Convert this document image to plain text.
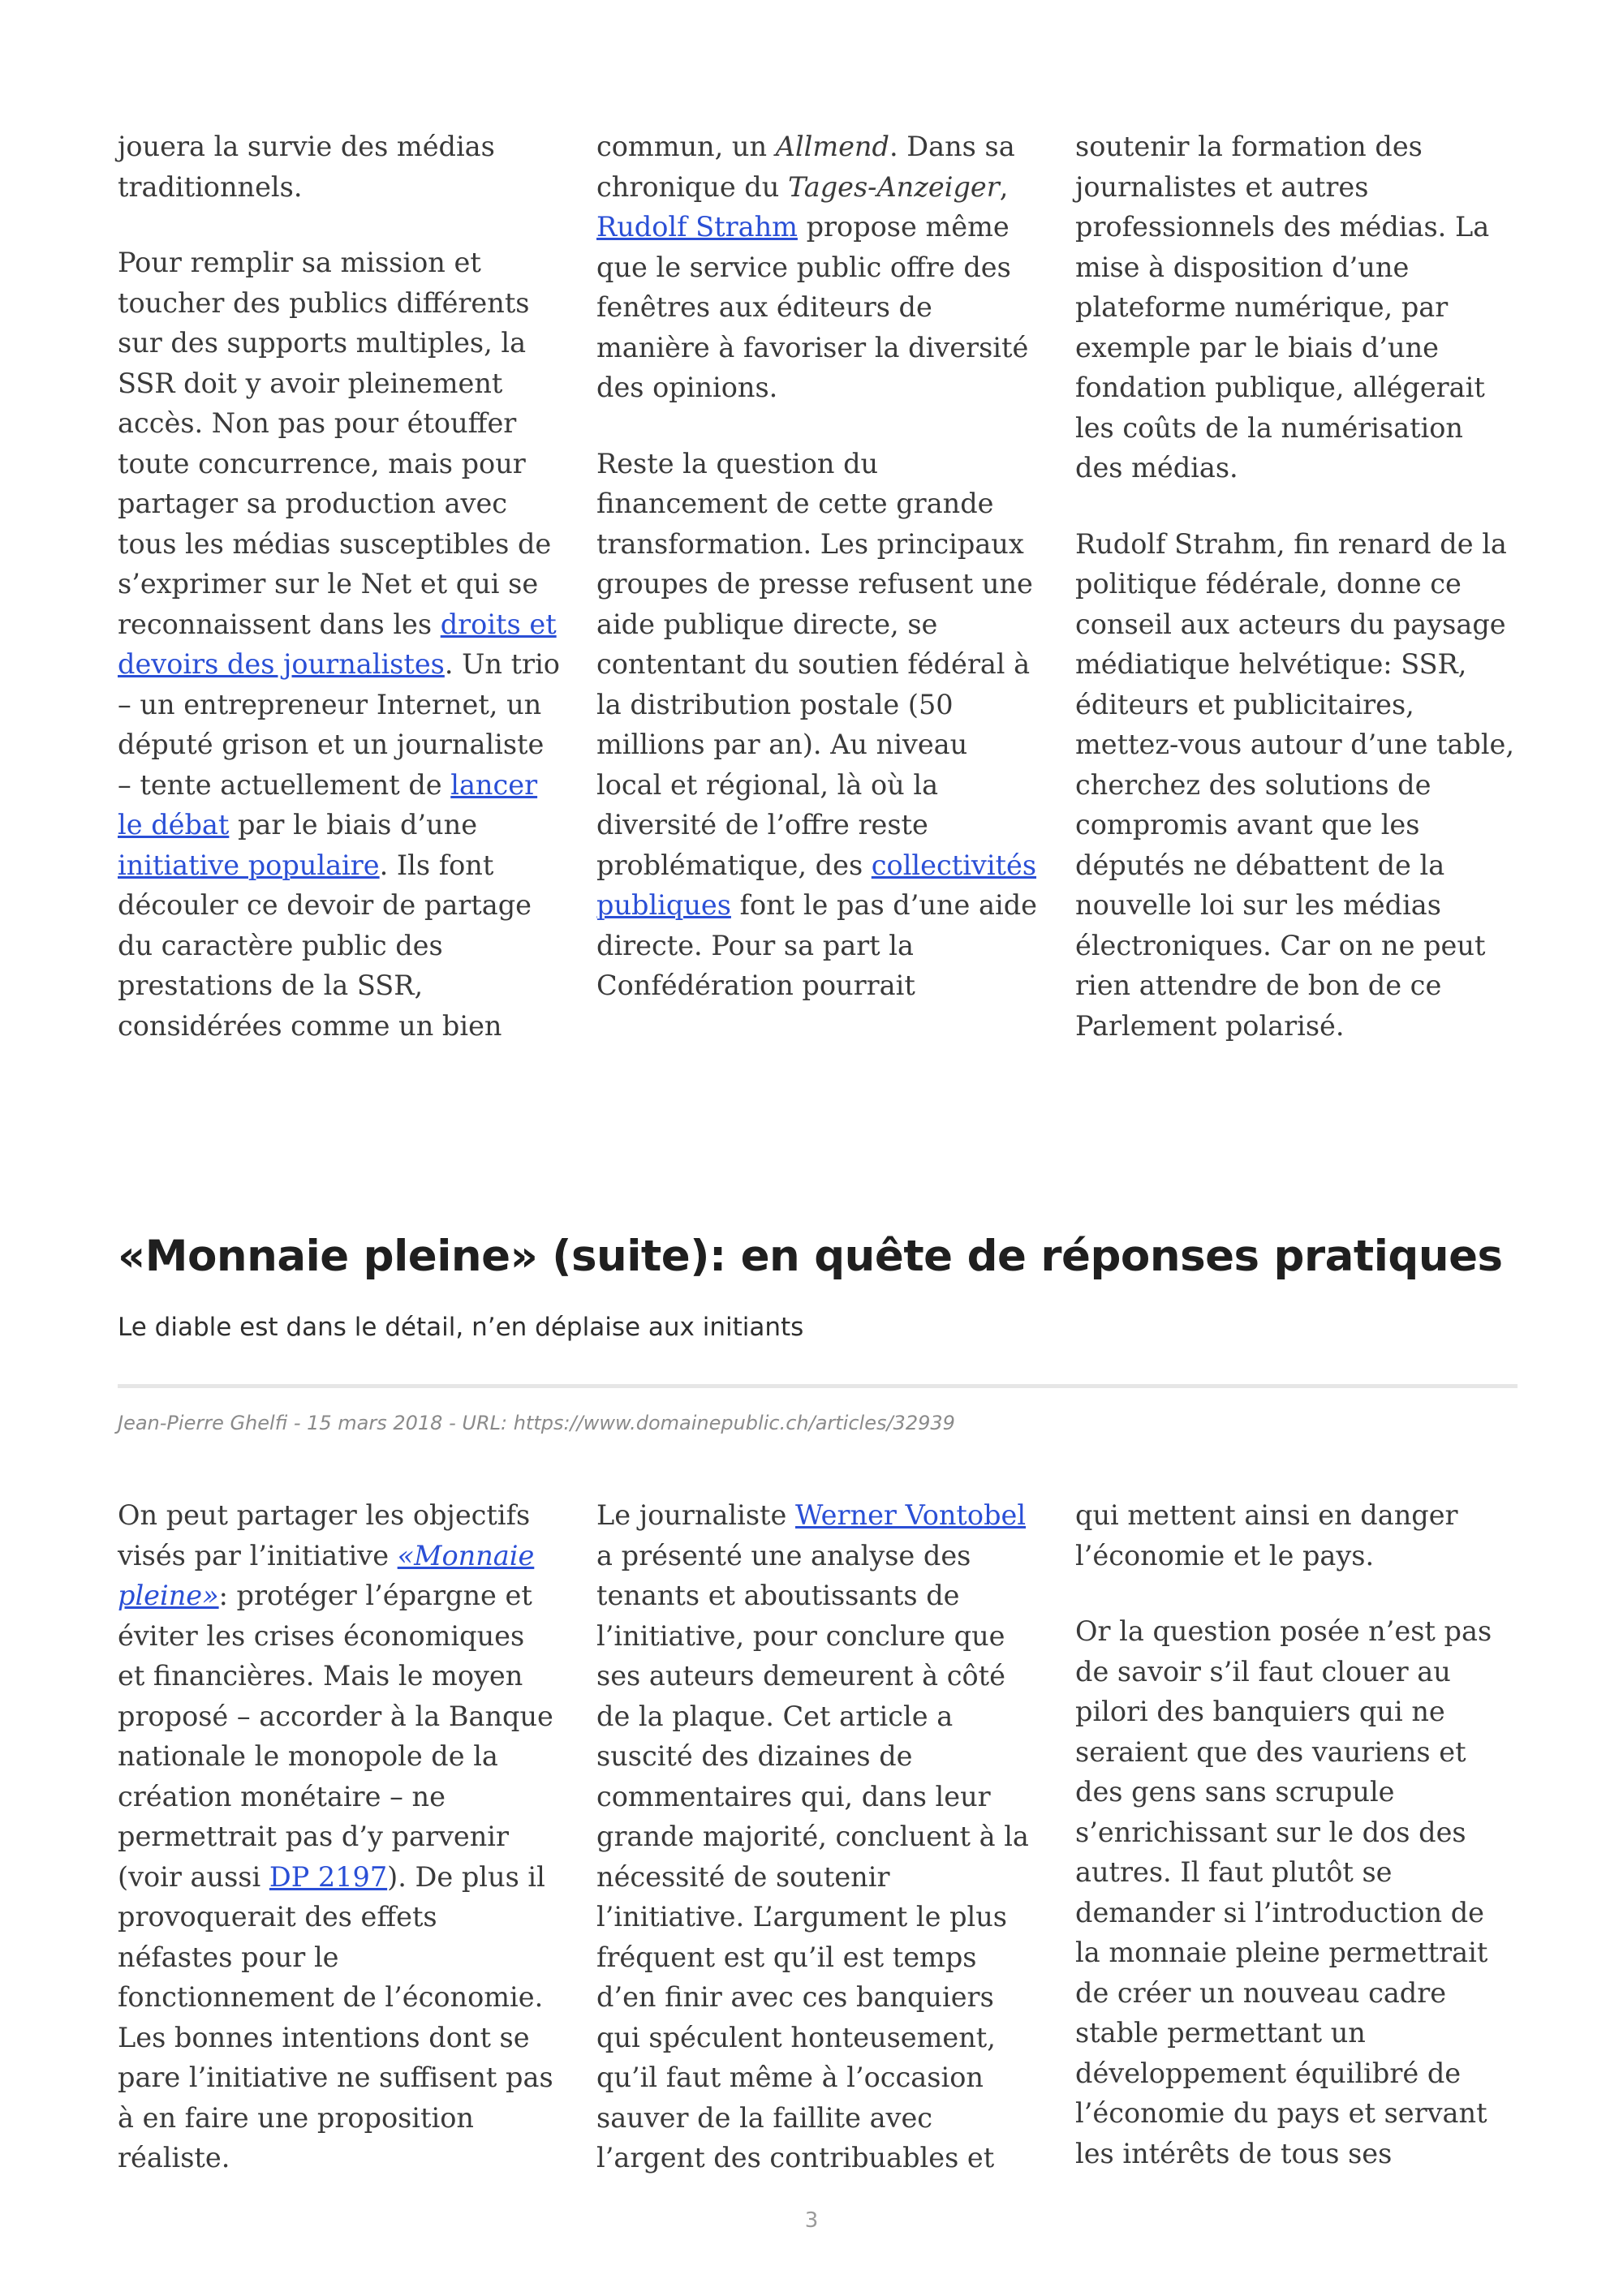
jouera la survie des médias traditionnels.

Pour remplir sa mission et toucher des publics différents sur des supports multiples, la SSR doit y avoir pleinement accès. Non pas pour étouffer toute concurrence, mais pour partager sa production avec tous les médias susceptibles de s’exprimer sur le Net et qui se reconnaissent dans les droits et devoirs des journalistes. Un trio – un entrepreneur Internet, un député grison et un journaliste – tente actuellement de lancer le débat par le biais d’une initiative populaire. Ils font découler ce devoir de partage du caractère public des prestations de la SSR, considérées comme un bien

commun, un Allmend. Dans sa chronique du Tages-Anzeiger, Rudolf Strahm propose même que le service public offre des fenêtres aux éditeurs de manière à favoriser la diversité des opinions.

Reste la question du financement de cette grande transformation. Les principaux groupes de presse refusent une aide publique directe, se contentant du soutien fédéral à la distribution postale (50 millions par an). Au niveau local et régional, là où la diversité de l’offre reste problématique, des collectivités publiques font le pas d’une aide directe. Pour sa part la Confédération pourrait

soutenir la formation des journalistes et autres professionnels des médias. La mise à disposition d’une plateforme numérique, par exemple par le biais d’une fondation publique, allégerait les coûts de la numérisation des médias.

Rudolf Strahm, fin renard de la politique fédérale, donne ce conseil aux acteurs du paysage médiatique helvétique: SSR, éditeurs et publicitaires, mettez-vous autour d’une table, cherchez des solutions de compromis avant que les députés ne débattent de la nouvelle loi sur les médias électroniques. Car on ne peut rien attendre de bon de ce Parlement polarisé.

«Monnaie pleine» (suite): en quête de réponses pratiques
Le diable est dans le détail, n’en déplaise aux initiants
Jean-Pierre Ghelfi - 15 mars 2018 - URL: https://www.domainepublic.ch/articles/32939

On peut partager les objectifs visés par l’initiative «Monnaie pleine»: protéger l’épargne et éviter les crises économiques et financières. Mais le moyen proposé – accorder à la Banque nationale le monopole de la création monétaire – ne permettrait pas d’y parvenir (voir aussi DP 2197). De plus il provoquerait des effets néfastes pour le fonctionnement de l’économie. Les bonnes intentions dont se pare l’initiative ne suffisent pas à en faire une proposition réaliste.

Le journaliste Werner Vontobel a présenté une analyse des tenants et aboutissants de l’initiative, pour conclure que ses auteurs demeurent à côté de la plaque. Cet article a suscité des dizaines de commentaires qui, dans leur grande majorité, concluent à la nécessité de soutenir l’initiative. L’argument le plus fréquent est qu’il est temps d’en finir avec ces banquiers qui spéculent honteusement, qu’il faut même à l’occasion sauver de la faillite avec l’argent des contribuables et

qui mettent ainsi en danger l’économie et le pays.

Or la question posée n’est pas de savoir s’il faut clouer au pilori des banquiers qui ne seraient que des vauriens et des gens sans scrupule s’enrichissant sur le dos des autres. Il faut plutôt se demander si l’introduction de la monnaie pleine permettrait de créer un nouveau cadre stable permettant un développement équilibré de l’économie du pays et servant les intérêts de tous ses

3
